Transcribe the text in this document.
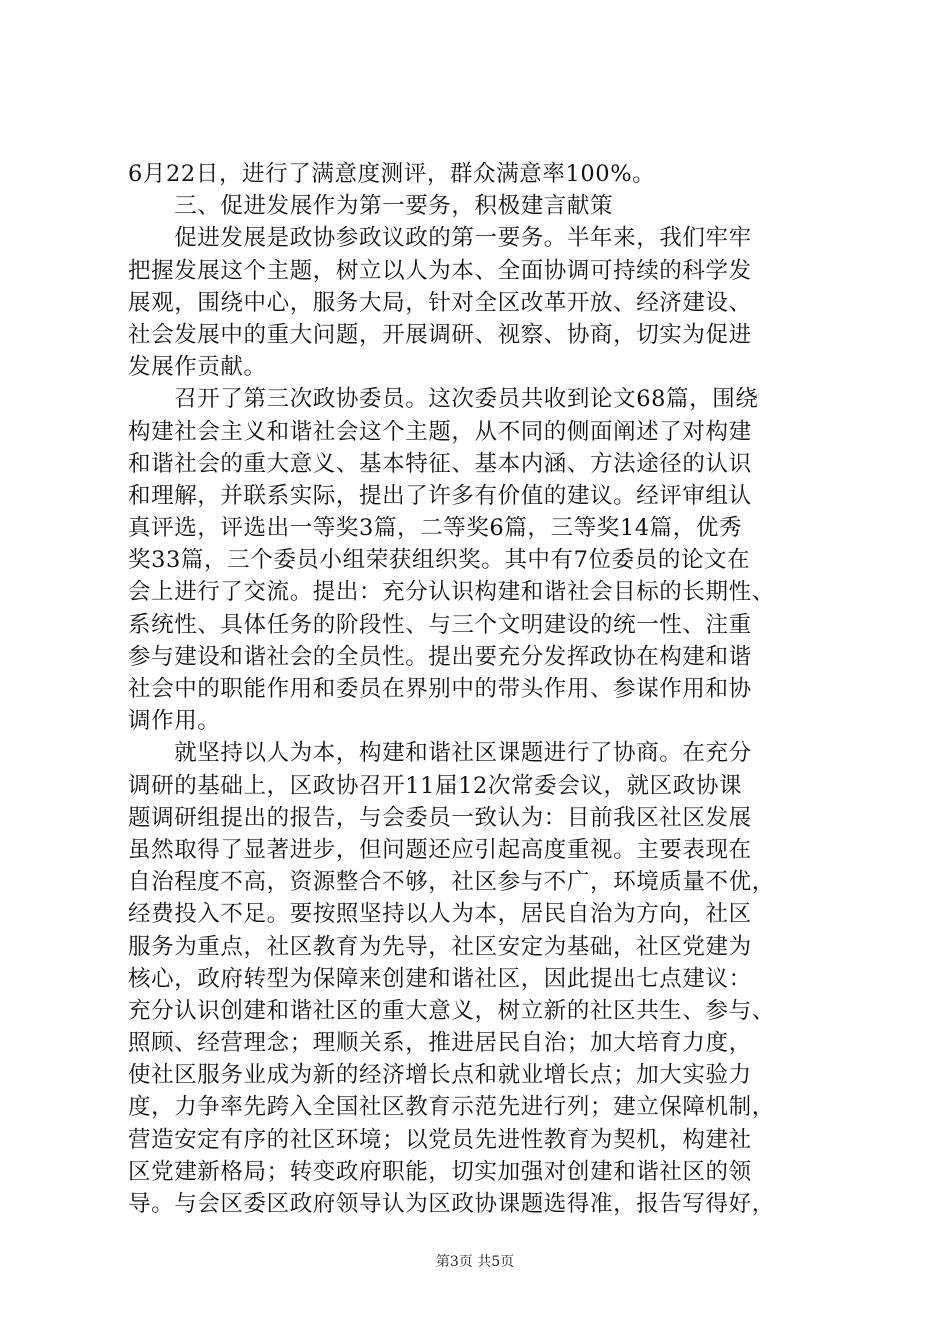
6月22日，进行了满意度测评，群众满意率100%。
　　三、促进发展作为第一要务，积极建言献策
　　促进发展是政协参政议政的第一要务。半年来，我们牢牢
把握发展这个主题，树立以人为本、全面协调可持续的科学发
展观，围绕中心，服务大局，针对全区改革开放、经济建设、
社会发展中的重大问题，开展调研、视察、协商，切实为促进
发展作贡献。
　　召开了第三次政协委员。这次委员共收到论文68篇，围绕
构建社会主义和谐社会这个主题，从不同的侧面阐述了对构建
和谐社会的重大意义、基本特征、基本内涵、方法途径的认识
和理解，并联系实际，提出了许多有价值的建议。经评审组认
真评选，评选出一等奖3篇，二等奖6篇，三等奖14篇，优秀
奖33篇，三个委员小组荣获组织奖。其中有7位委员的论文在
会上进行了交流。提出：充分认识构建和谐社会目标的长期性、
系统性、具体任务的阶段性、与三个文明建设的统一性、注重
参与建设和谐社会的全员性。提出要充分发挥政协在构建和谐
社会中的职能作用和委员在界别中的带头作用、参谋作用和协
调作用。
　　就坚持以人为本，构建和谐社区课题进行了协商。在充分
调研的基础上，区政协召开11届12次常委会议，就区政协课
题调研组提出的报告，与会委员一致认为：目前我区社区发展
虽然取得了显著进步，但问题还应引起高度重视。主要表现在
自治程度不高，资源整合不够，社区参与不广，环境质量不优，
经费投入不足。要按照坚持以人为本，居民自治为方向，社区
服务为重点，社区教育为先导，社区安定为基础，社区党建为
核心，政府转型为保障来创建和谐社区，因此提出七点建议：
充分认识创建和谐社区的重大意义，树立新的社区共生、参与、
照顾、经营理念；理顺关系，推进居民自治；加大培育力度，
使社区服务业成为新的经济增长点和就业增长点；加大实验力
度，力争率先跨入全国社区教育示范先进行列；建立保障机制，
营造安定有序的社区环境；以党员先进性教育为契机，构建社
区党建新格局；转变政府职能，切实加强对创建和谐社区的领
导。与会区委区政府领导认为区政协课题选得准，报告写得好，
第3页 共5页
